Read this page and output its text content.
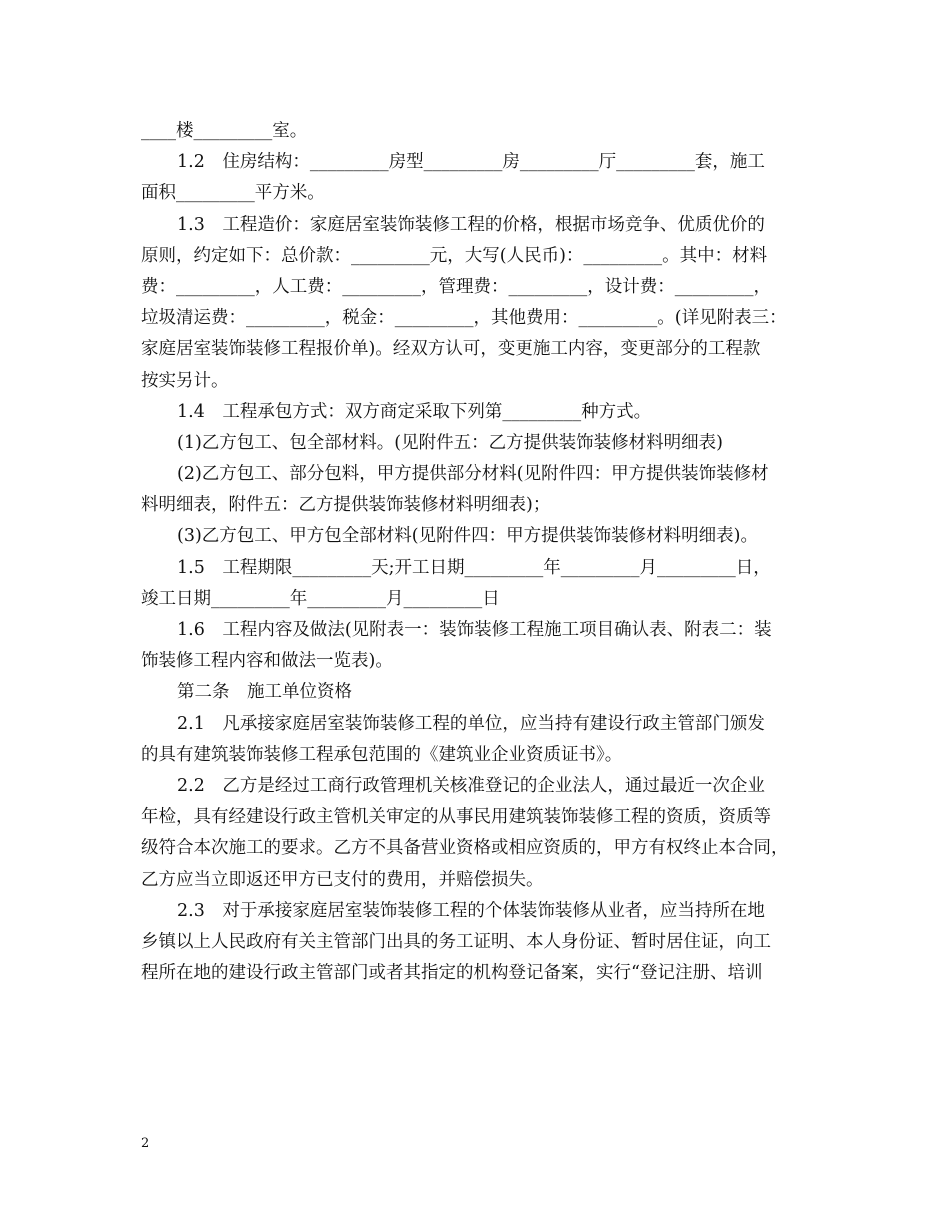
____楼_________室。
1.2　住房结构：_________房型_________房_________厅_________套，施工
面积_________平方米。
1.3　工程造价：家庭居室装饰装修工程的价格，根据市场竞争、优质优价的
原则，约定如下：总价款：_________元，大写(人民币)：_________。其中：材料
费：_________，人工费：_________，管理费：_________，设计费：_________，
垃圾清运费：_________，税金：_________，其他费用：_________。(详见附表三：
家庭居室装饰装修工程报价单)。经双方认可，变更施工内容，变更部分的工程款
按实另计。
1.4　工程承包方式：双方商定采取下列第_________种方式。
(1)乙方包工、包全部材料。(见附件五：乙方提供装饰装修材料明细表)
(2)乙方包工、部分包料，甲方提供部分材料(见附件四：甲方提供装饰装修材
料明细表，附件五：乙方提供装饰装修材料明细表)；
(3)乙方包工、甲方包全部材料(见附件四：甲方提供装饰装修材料明细表)。
1.5　工程期限_________天;开工日期_________年_________月_________日，
竣工日期_________年_________月_________日
1.6　工程内容及做法(见附表一：装饰装修工程施工项目确认表、附表二：装
饰装修工程内容和做法一览表)。
第二条　施工单位资格
2.1　凡承接家庭居室装饰装修工程的单位，应当持有建设行政主管部门颁发
的具有建筑装饰装修工程承包范围的《建筑业企业资质证书》。
2.2　乙方是经过工商行政管理机关核准登记的企业法人，通过最近一次企业
年检，具有经建设行政主管机关审定的从事民用建筑装饰装修工程的资质，资质等
级符合本次施工的要求。乙方不具备营业资格或相应资质的，甲方有权终止本合同，
乙方应当立即返还甲方已支付的费用，并赔偿损失。
2.3　对于承接家庭居室装饰装修工程的个体装饰装修从业者，应当持所在地
乡镇以上人民政府有关主管部门出具的务工证明、本人身份证、暂时居住证，向工
程所在地的建设行政主管部门或者其指定的机构登记备案，实行“登记注册、培训
2
